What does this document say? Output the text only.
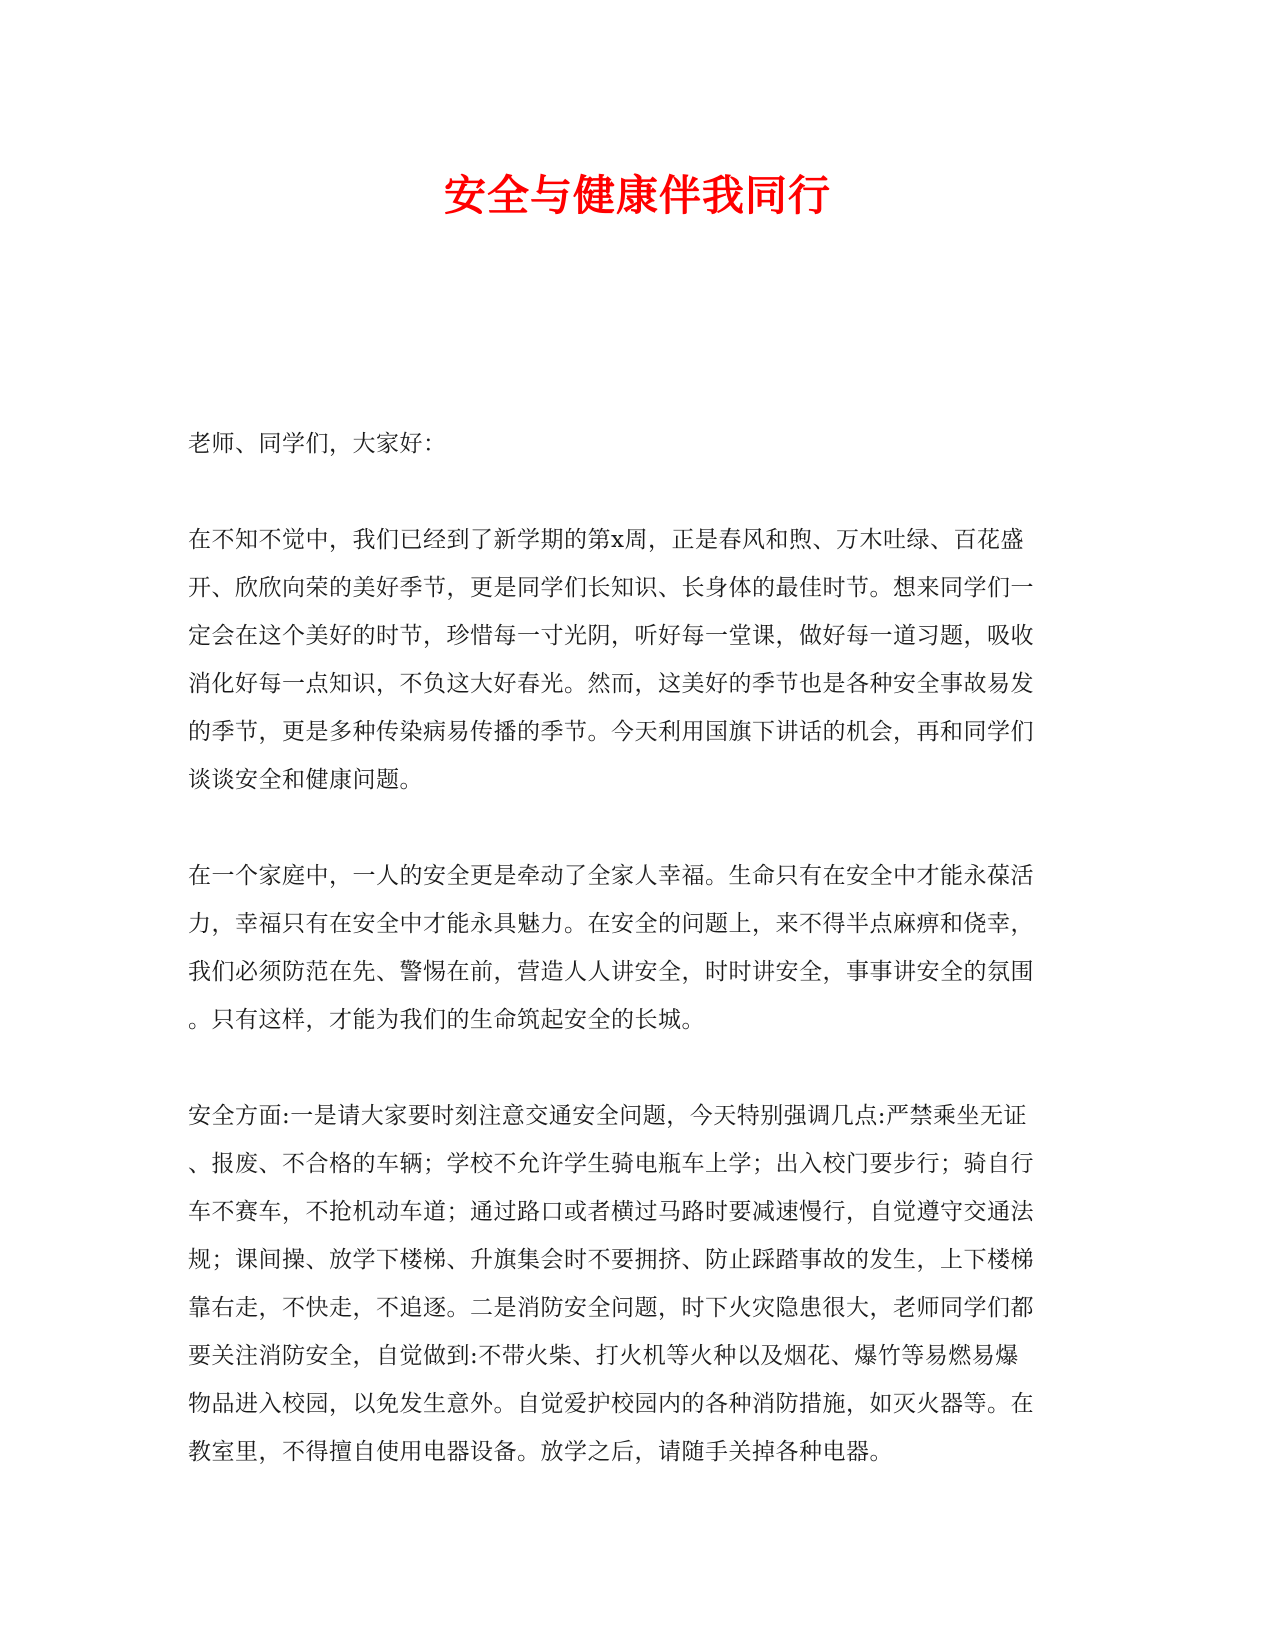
安全与健康伴我同行
老师、同学们，大家好：
在不知不觉中，我们已经到了新学期的第x周，正是春风和煦、万木吐绿、百花盛
开、欣欣向荣的美好季节，更是同学们长知识、长身体的最佳时节。想来同学们一
定会在这个美好的时节，珍惜每一寸光阴，听好每一堂课，做好每一道习题，吸收
消化好每一点知识，不负这大好春光。然而，这美好的季节也是各种安全事故易发
的季节，更是多种传染病易传播的季节。今天利用国旗下讲话的机会，再和同学们
谈谈安全和健康问题。
在一个家庭中，一人的安全更是牵动了全家人幸福。生命只有在安全中才能永葆活
力，幸福只有在安全中才能永具魅力。在安全的问题上，来不得半点麻痹和侥幸，
我们必须防范在先、警惕在前，营造人人讲安全，时时讲安全，事事讲安全的氛围
。只有这样，才能为我们的生命筑起安全的长城。
安全方面:一是请大家要时刻注意交通安全问题，今天特别强调几点:严禁乘坐无证
、报废、不合格的车辆；学校不允许学生骑电瓶车上学；出入校门要步行；骑自行
车不赛车，不抢机动车道；通过路口或者横过马路时要减速慢行，自觉遵守交通法
规；课间操、放学下楼梯、升旗集会时不要拥挤、防止踩踏事故的发生，上下楼梯
靠右走，不快走，不追逐。二是消防安全问题，时下火灾隐患很大，老师同学们都
要关注消防安全，自觉做到:不带火柴、打火机等火种以及烟花、爆竹等易燃易爆
物品进入校园，以免发生意外。自觉爱护校园内的各种消防措施，如灭火器等。在
教室里，不得擅自使用电器设备。放学之后，请随手关掉各种电器。
